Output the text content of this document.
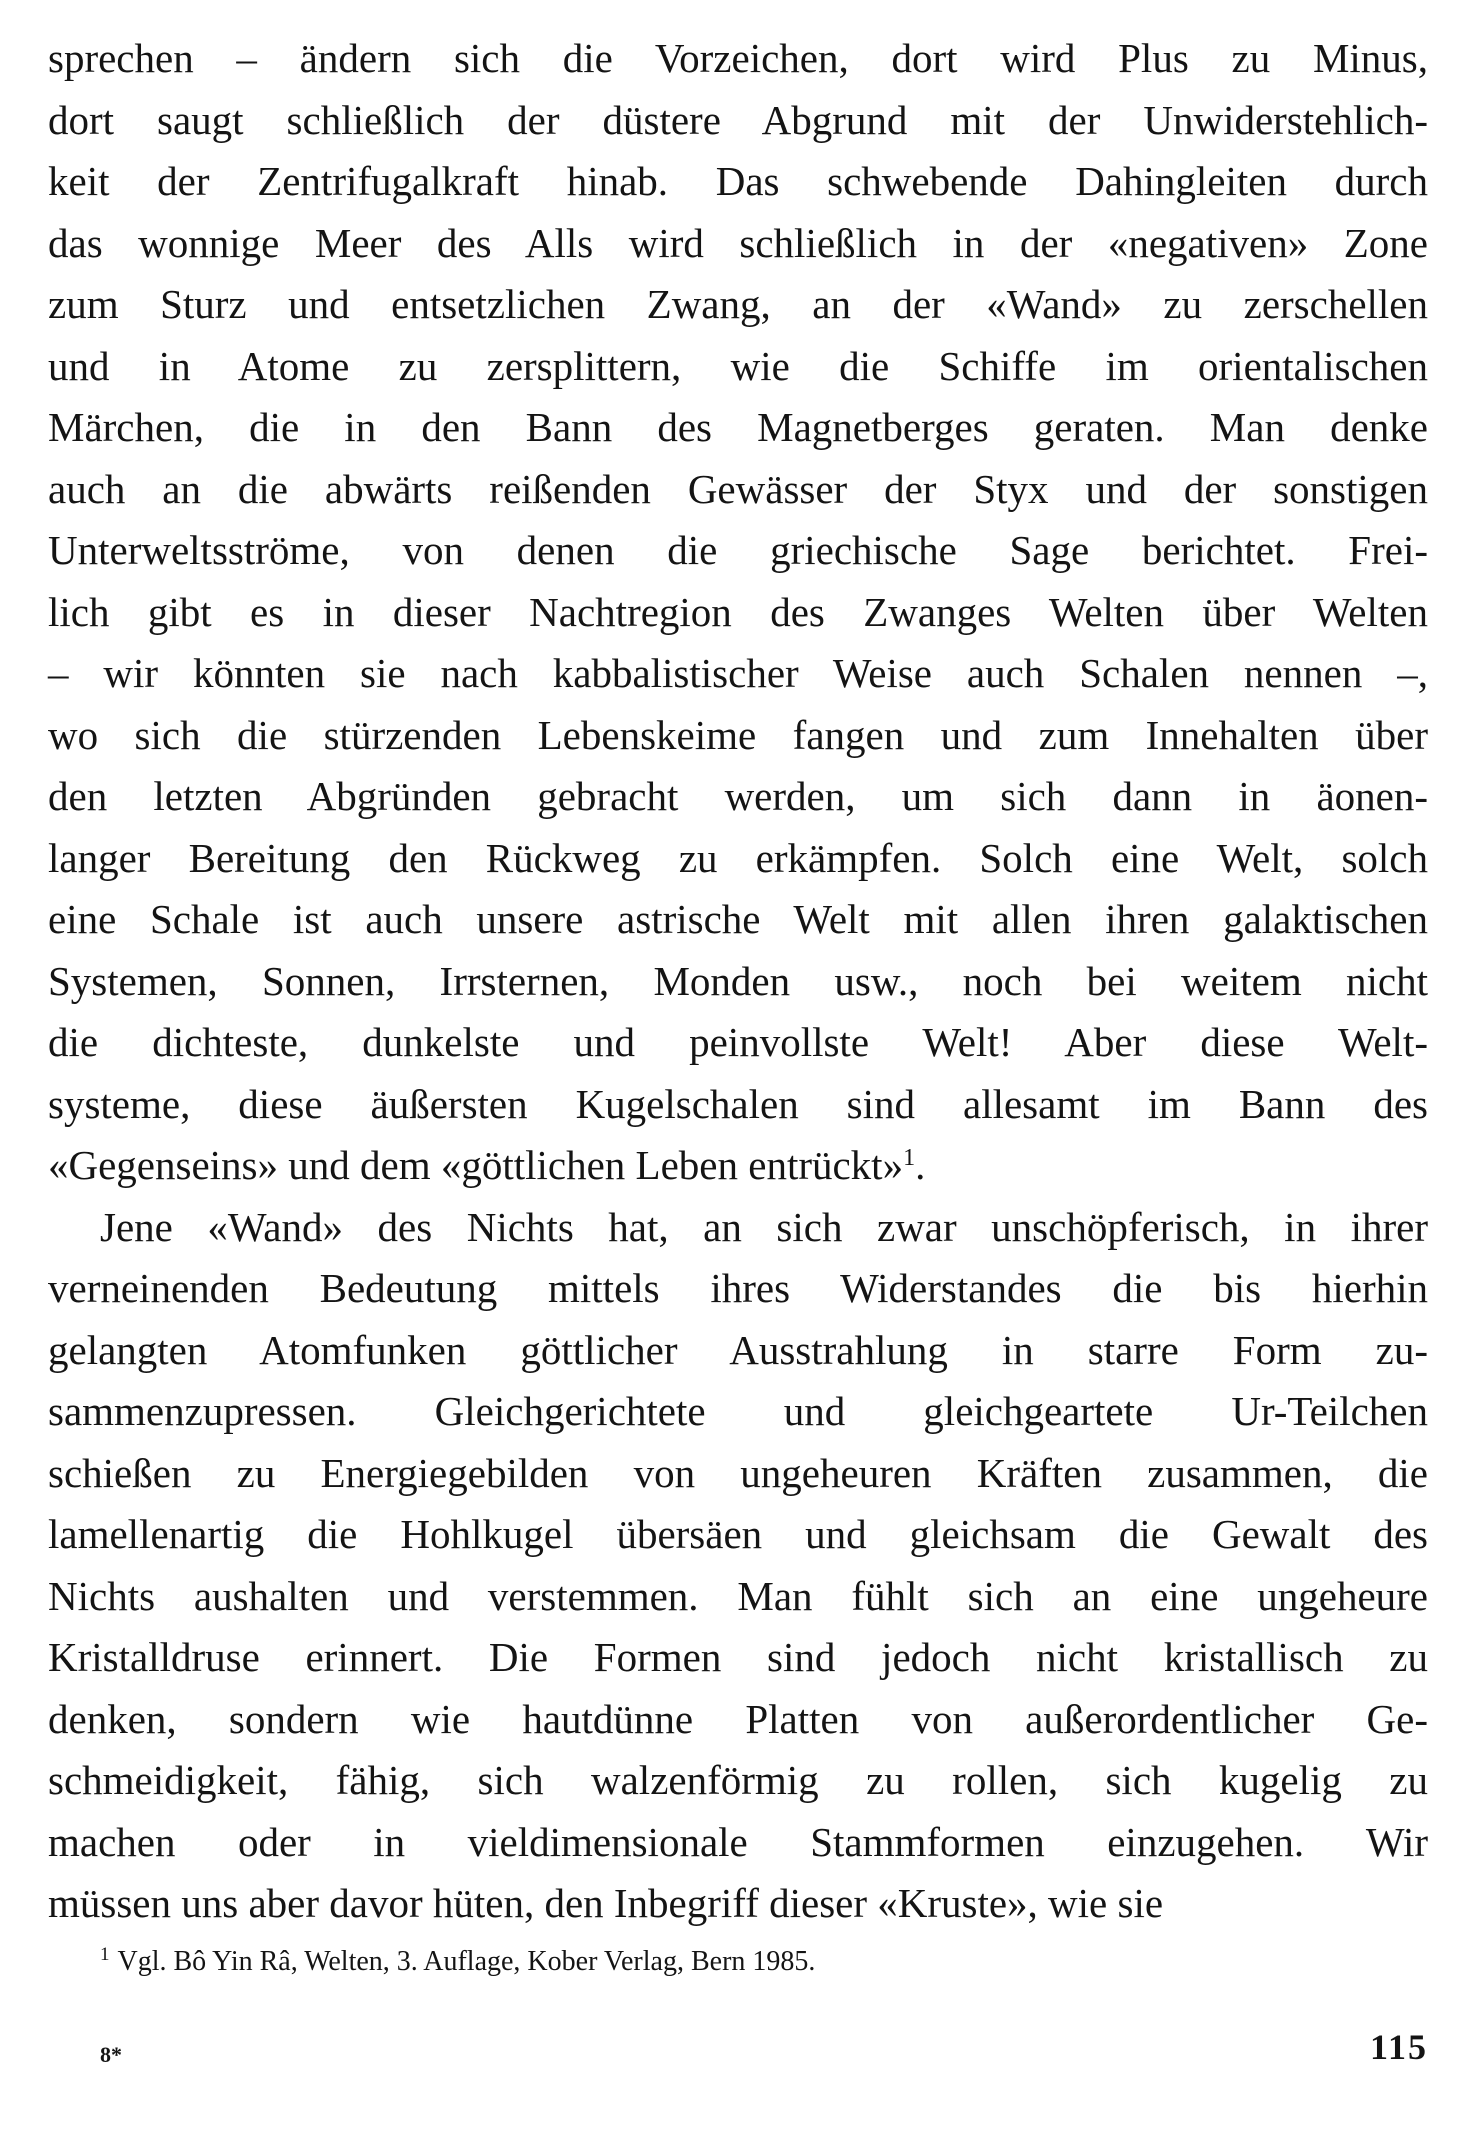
sprechen – ändern sich die Vorzeichen, dort wird Plus zu Minus,
dort saugt schließlich der düstere Abgrund mit der Unwiderstehlich-
keit der Zentrifugalkraft hinab. Das schwebende Dahingleiten durch
das wonnige Meer des Alls wird schließlich in der «negativen» Zone
zum Sturz und entsetzlichen Zwang, an der «Wand» zu zerschellen
und in Atome zu zersplittern, wie die Schiffe im orientalischen
Märchen, die in den Bann des Magnetberges geraten. Man denke
auch an die abwärts reißenden Gewässer der Styx und der sonstigen
Unterweltsströme, von denen die griechische Sage berichtet. Frei-
lich gibt es in dieser Nachtregion des Zwanges Welten über Welten
– wir könnten sie nach kabbalistischer Weise auch Schalen nennen –,
wo sich die stürzenden Lebenskeime fangen und zum Innehalten über
den letzten Abgründen gebracht werden, um sich dann in äonen-
langer Bereitung den Rückweg zu erkämpfen. Solch eine Welt, solch
eine Schale ist auch unsere astrische Welt mit allen ihren galaktischen
Systemen, Sonnen, Irrsternen, Monden usw., noch bei weitem nicht
die dichteste, dunkelste und peinvollste Welt! Aber diese Welt-
systeme, diese äußersten Kugelschalen sind allesamt im Bann des
«Gegenseins» und dem «göttlichen Leben entrückt»$^1$.
Jene «Wand» des Nichts hat, an sich zwar unschöpferisch, in ihrer
verneinenden Bedeutung mittels ihres Widerstandes die bis hierhin
gelangten Atomfunken göttlicher Ausstrahlung in starre Form zu-
sammenzupressen. Gleichgerichtete und gleichgeartete Ur-Teilchen
schießen zu Energiegebilden von ungeheuren Kräften zusammen, die
lamellenartig die Hohlkugel übersäen und gleichsam die Gewalt des
Nichts aushalten und verstemmen. Man fühlt sich an eine ungeheure
Kristalldruse erinnert. Die Formen sind jedoch nicht kristallisch zu
denken, sondern wie hautdünne Platten von außerordentlicher Ge-
schmeidigkeit, fähig, sich walzenförmig zu rollen, sich kugelig zu
machen oder in vieldimensionale Stammformen einzugehen. Wir
müssen uns aber davor hüten, den Inbegriff dieser «Kruste», wie sie
$^1$ Vgl. Bô Yin Râ, Welten, 3. Auflage, Kober Verlag, Bern 1985.
8*	115
